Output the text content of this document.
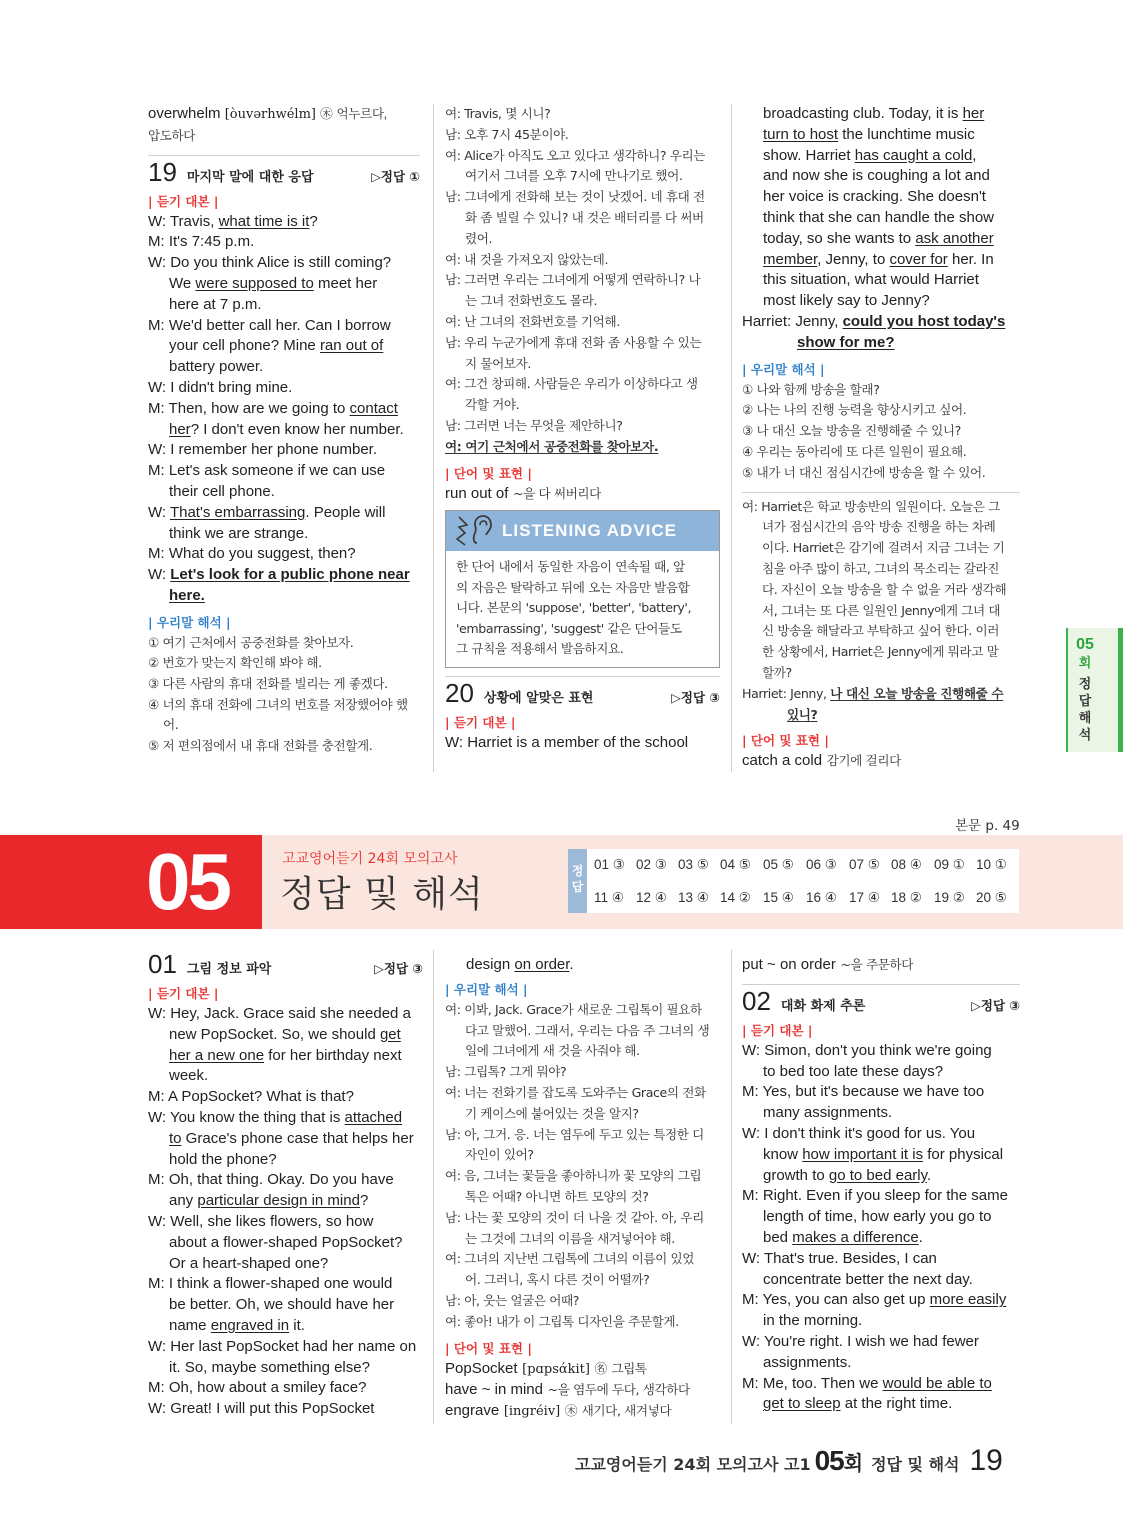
overwhelm [òuvərhwélm] ㊍ 억누르다,
압도하다
19 마지막 말에 대한 응답	▷정답 ①
| 듣기 대본 |
W: Travis, what time is it?
M: It's 7:45 p.m.
W: Do you think Alice is still coming?
We were supposed to meet her
here at 7 p.m.
M: We'd better call her. Can I borrow
your cell phone? Mine ran out of
battery power.
W: I didn't bring mine.
M: Then, how are we going to contact
her? I don't even know her number.
W: I remember her phone number.
M: Let's ask someone if we can use
their cell phone.
W: That's embarrassing. People will
think we are strange.
M: What do you suggest, then?
W: Let's look for a public phone near
here.
| 우리말 해석 |
① 여기 근처에서 공중전화를 찾아보자.
② 번호가 맞는지 확인해 봐야 해.
③ 다른 사람의 휴대 전화를 빌리는 게 좋겠다.
④ 너의 휴대 전화에 그녀의 번호를 저장했어야 했
어.
⑤ 저 편의점에서 내 휴대 전화를 충전할게.
여: Travis, 몇 시니?
남: 오후 7시 45분이야.
여: Alice가 아직도 오고 있다고 생각하니? 우리는
여기서 그녀를 오후 7시에 만나기로 했어.
남: 그녀에게 전화해 보는 것이 낫겠어. 네 휴대 전
화 좀 빌릴 수 있니? 내 것은 배터리를 다 써버
렸어.
여: 내 것을 가져오지 않았는데.
남: 그러면 우리는 그녀에게 어떻게 연락하니? 나
는 그녀 전화번호도 몰라.
여: 난 그녀의 전화번호를 기억해.
남: 우리 누군가에게 휴대 전화 좀 사용할 수 있는
지 물어보자.
여: 그건 창피해. 사람들은 우리가 이상하다고 생
각할 거야.
남: 그러면 너는 무엇을 제안하니?
여: 여기 근처에서 공중전화를 찾아보자.
| 단어 및 표현 |
run out of ~을 다 써버리다
LISTENING ADVICE
한 단어 내에서 동일한 자음이 연속될 때, 앞
의 자음은 탈락하고 뒤에 오는 자음만 발음합
니다. 본문의 'suppose', 'better', 'battery',
'embarrassing', 'suggest' 같은 단어들도
그 규칙을 적용해서 발음하지요.
20 상황에 알맞은 표현	▷정답 ③
| 듣기 대본 |
W: Harriet is a member of the school
broadcasting club. Today, it is her
turn to host the lunchtime music
show. Harriet has caught a cold,
and now she is coughing a lot and
her voice is cracking. She doesn't
think that she can handle the show
today, so she wants to ask another
member, Jenny, to cover for her. In
this situation, what would Harriet
most likely say to Jenny?
Harriet: Jenny, could you host today's
show for me?
| 우리말 해석 |
① 나와 함께 방송을 할래?
② 나는 나의 진행 능력을 향상시키고 싶어.
③ 나 대신 오늘 방송을 진행해줄 수 있니?
④ 우리는 동아리에 또 다른 일원이 필요해.
⑤ 내가 너 대신 점심시간에 방송을 할 수 있어.
여: Harriet은 학교 방송반의 일원이다. 오늘은 그
녀가 점심시간의 음악 방송 진행을 하는 차례
이다. Harriet은 감기에 걸려서 지금 그녀는 기
침을 아주 많이 하고, 그녀의 목소리는 갈라진
다. 자신이 오늘 방송을 할 수 없을 거라 생각해
서, 그녀는 또 다른 일원인 Jenny에게 그녀 대
신 방송을 해달라고 부탁하고 싶어 한다. 이러
한 상황에서, Harriet은 Jenny에게 뭐라고 말
할까?
Harriet: Jenny, 나 대신 오늘 방송을 진행해줄 수
있니?
| 단어 및 표현 |
catch a cold 감기에 걸리다
05
회
정
답
해
석
본문 p. 49
05	고교영어듣기 24회 모의고사
정답 및 해석
정
답
01 ③ 02 ③ 03 ⑤ 04 ⑤ 05 ⑤ 06 ③ 07 ⑤ 08 ④ 09 ① 10 ①
11 ④ 12 ④ 13 ④ 14 ② 15 ④ 16 ④ 17 ④ 18 ② 19 ② 20 ⑤
01 그림 정보 파악	▷정답 ③
| 듣기 대본 |
W: Hey, Jack. Grace said she needed a
new PopSocket. So, we should get
her a new one for her birthday next
week.
M: A PopSocket? What is that?
W: You know the thing that is attached
to Grace's phone case that helps her
hold the phone?
M: Oh, that thing. Okay. Do you have
any particular design in mind?
W: Well, she likes flowers, so how
about a flower-shaped PopSocket?
Or a heart-shaped one?
M: I think a flower-shaped one would
be better. Oh, we should have her
name engraved in it.
W: Her last PopSocket had her name on
it. So, maybe something else?
M: Oh, how about a smiley face?
W: Great! I will put this PopSocket
design on order.
| 우리말 해석 |
여: 이봐, Jack. Grace가 새로운 그립톡이 필요하
다고 말했어. 그래서, 우리는 다음 주 그녀의 생
일에 그녀에게 새 것을 사줘야 해.
남: 그립톡? 그게 뭐야?
여: 너는 전화기를 잡도록 도와주는 Grace의 전화
기 케이스에 붙어있는 것을 알지?
남: 아, 그거. 응. 너는 염두에 두고 있는 특정한 디
자인이 있어?
여: 음, 그녀는 꽃들을 좋아하니까 꽃 모양의 그립
톡은 어때? 아니면 하트 모양의 것?
남: 나는 꽃 모양의 것이 더 나을 것 같아. 아, 우리
는 그것에 그녀의 이름을 새겨넣어야 해.
여: 그녀의 지난번 그립톡에 그녀의 이름이 있었
어. 그러니, 혹시 다른 것이 어떨까?
남: 아, 웃는 얼굴은 어때?
여: 좋아! 내가 이 그립톡 디자인을 주문할게.
| 단어 및 표현 |
PopSocket [pɑpsάkit] ㊔ 그립톡
have ~ in mind ~을 염두에 두다, 생각하다
engrave [ingréiv] ㊍ 새기다, 새겨넣다
put ~ on order ~을 주문하다
02 대화 화제 추론	▷정답 ③
| 듣기 대본 |
W: Simon, don't you think we're going
to bed too late these days?
M: Yes, but it's because we have too
many assignments.
W: I don't think it's good for us. You
know how important it is for physical
growth to go to bed early.
M: Right. Even if you sleep for the same
length of time, how early you go to
bed makes a difference.
W: That's true. Besides, I can
concentrate better the next day.
M: Yes, you can also get up more easily
in the morning.
W: You're right. I wish we had fewer
assignments.
M: Me, too. Then we would be able to
get to sleep at the right time.
고교영어듣기 24회 모의고사 고1 05 회 정답 및 해석 19
